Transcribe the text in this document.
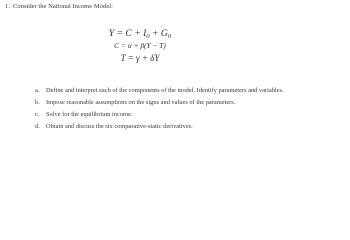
1. Consider the National Income Model:
$Y = C + I_0 + G_0$
C = α + β(Y − T)
T = γ + δY
a. Define and interpret each of the components of the model. Identify parameters and variables.
b. Impose reasonable assumptions on the signs and values of the parameters.
c. Solve for the equilibrium income.
d. Obtain and discuss the six comparative-static derivatives.
